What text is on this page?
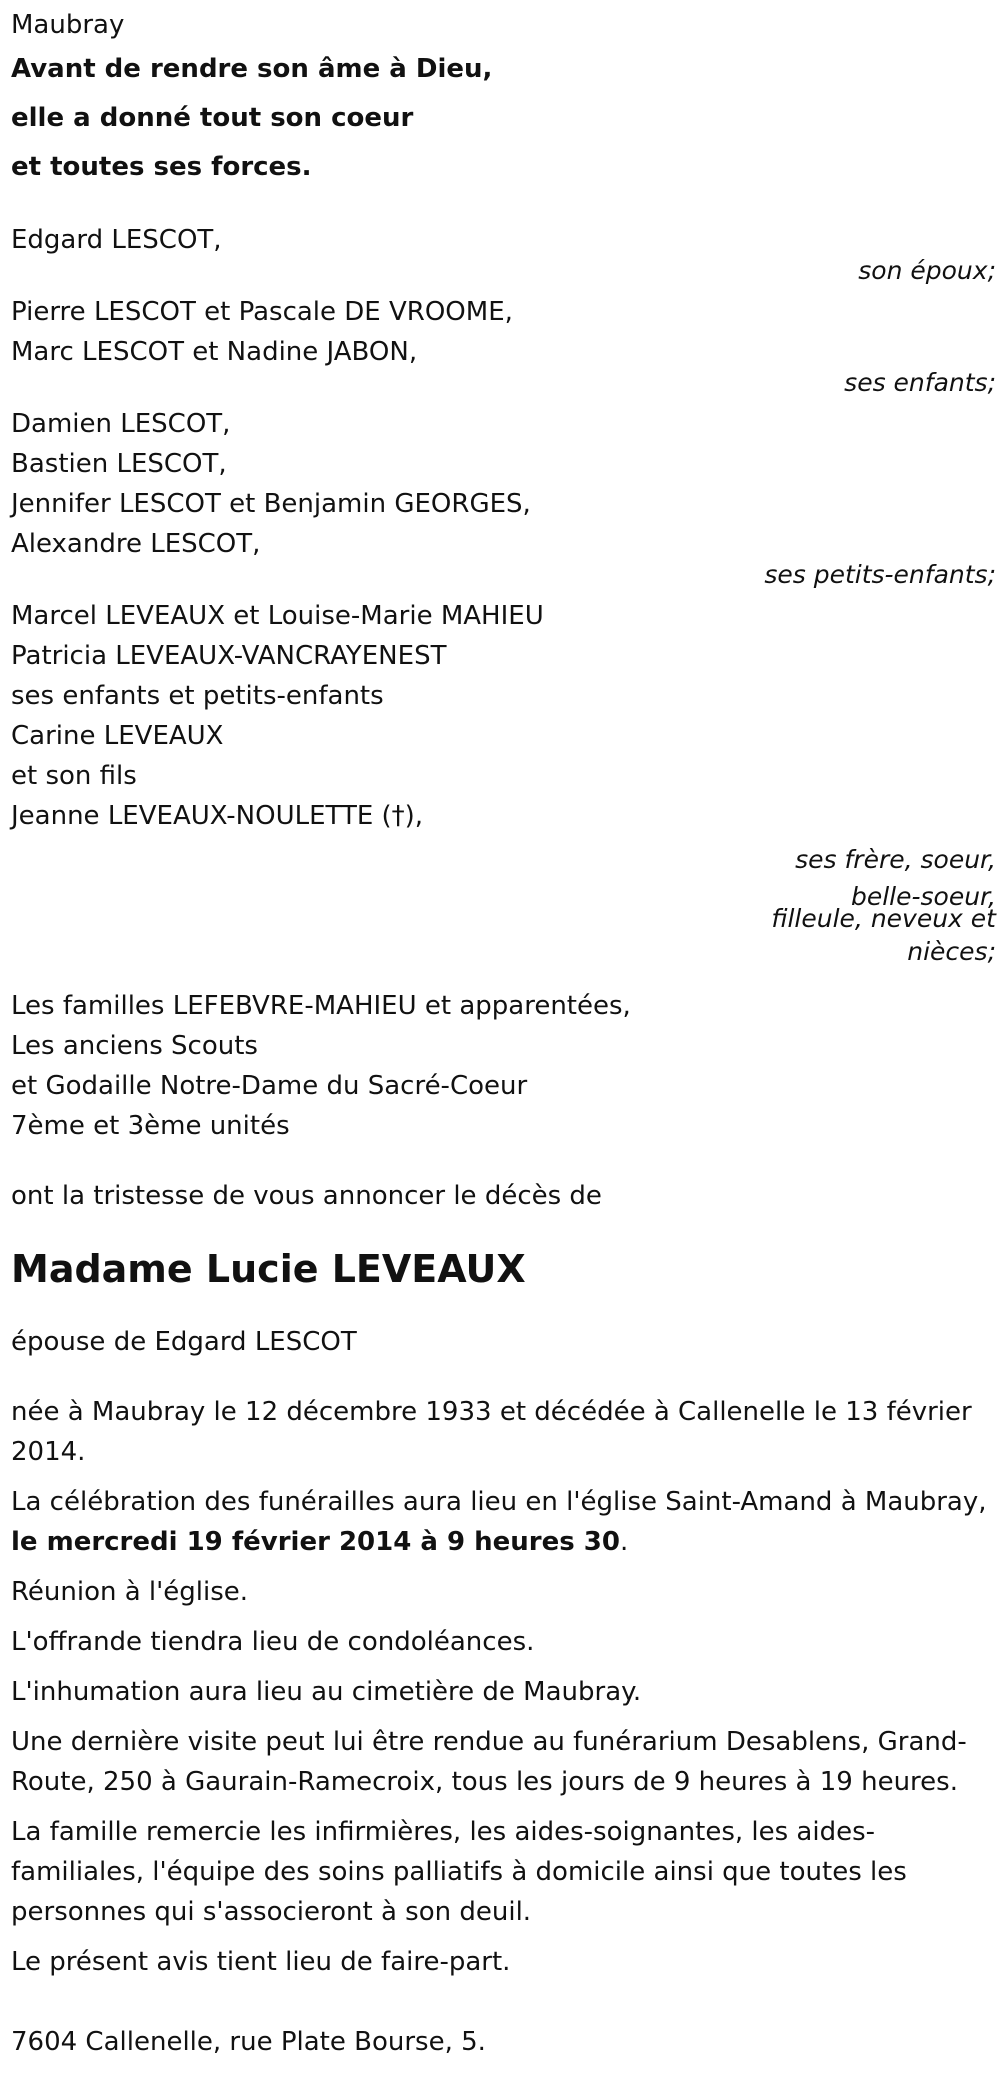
Maubray
Avant de rendre son âme à Dieu,
elle a donné tout son coeur
et toutes ses forces.
Edgard LESCOT,
son époux;
Pierre LESCOT et Pascale DE VROOME,
Marc LESCOT et Nadine JABON,
ses enfants;
Damien LESCOT,
Bastien LESCOT,
Jennifer LESCOT et Benjamin GEORGES,
Alexandre LESCOT,
ses petits-enfants;
Marcel LEVEAUX et Louise-Marie MAHIEU
Patricia LEVEAUX-VANCRAYENEST
ses enfants et petits-enfants
Carine LEVEAUX
et son fils
Jeanne LEVEAUX-NOULETTE (†),
ses frère, soeur,
belle-soeur,
filleule, neveux et
nièces;
Les familles LEFEBVRE-MAHIEU et apparentées,
Les anciens Scouts
et Godaille Notre-Dame du Sacré-Coeur
7ème et 3ème unités
ont la tristesse de vous annoncer le décès de
Madame Lucie LEVEAUX
épouse de Edgard LESCOT

née à Maubray le 12 décembre 1933 et décédée à Callenelle le 13 février 2014.

La célébration des funérailles aura lieu en l'église Saint-Amand à Maubray, le mercredi 19 février 2014 à 9 heures 30.

Réunion à l'église.

L'offrande tiendra lieu de condoléances.

L'inhumation aura lieu au cimetière de Maubray.

Une dernière visite peut lui être rendue au funérarium Desablens, Grand-Route, 250 à Gaurain-Ramecroix, tous les jours de 9 heures à 19 heures.

La famille remercie les infirmières, les aides-soignantes, les aides-familiales, l'équipe des soins palliatifs à domicile ainsi que toutes les personnes qui s'associeront à son deuil.

Le présent avis tient lieu de faire-part.

7604 Callenelle, rue Plate Bourse, 5.
